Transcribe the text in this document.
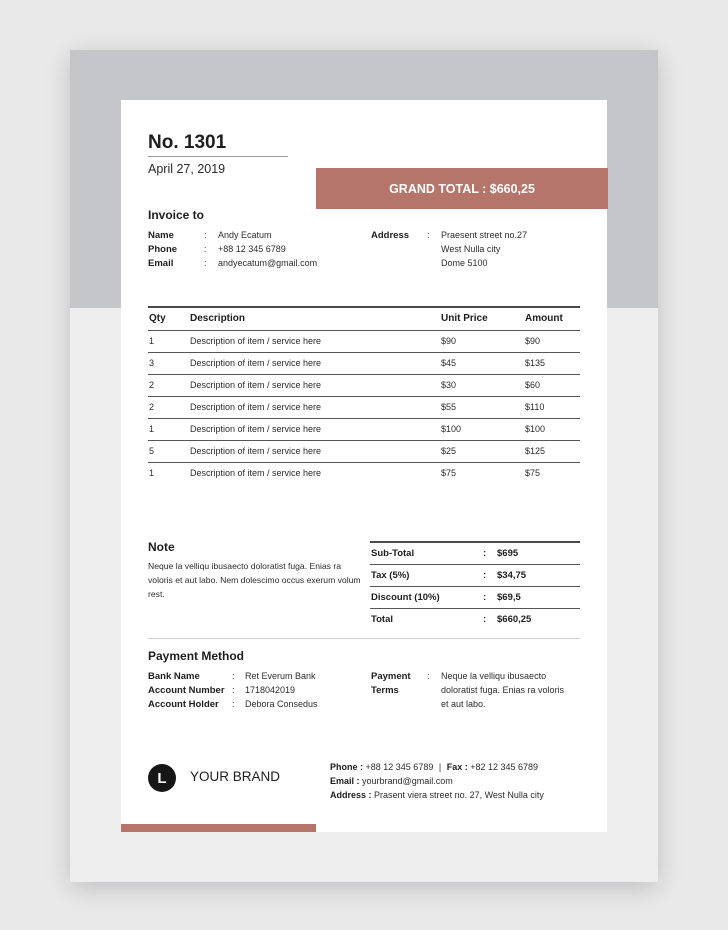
Invoice
GRAND TOTAL : $660,25
No. 1301
April 27, 2019
Invoice to
Name	: Andy Ecatum
Phone	: +88 12 345 6789
Email	: andyecatum@gmail.com
Address : Praesent street no.27
West Nulla city
Dome 5100
Qty Description	Unit Price	Amount
1	Description of item / service here	$90	$90
3	Description of item / service here	$45	$135
2	Description of item / service here	$30	$60
2	Description of item / service here	$55	$110
1	Description of item / service here	$100	$100
5	Description of item / service here	$25	$125
1	Description of item / service here	$75	$75
Note
Neque la velliqu ibusaecto doloratist fuga. Enias ra voloris et aut labo. Nem dolescimo occus exerum volum rest.
Sub-Total	: $695
Tax (5%)	: $34,75
Discount (10%)	: $69,5
Total	: $660,25
Payment Method
Bank Name	: Ret Everum Bank
Account Number : 1718042019
Account Holder : Debora Consedus
Payment
Terms
: Neque la velliqu ibusaecto
doloratist fuga. Enias ra voloris
et aut labo.
L YOUR BRAND
Phone : +88 12 345 6789 | Fax : +82 12 345 6789
Email : yourbrand@gmail.com
Address : Prasent viera street no. 27, West Nulla city
